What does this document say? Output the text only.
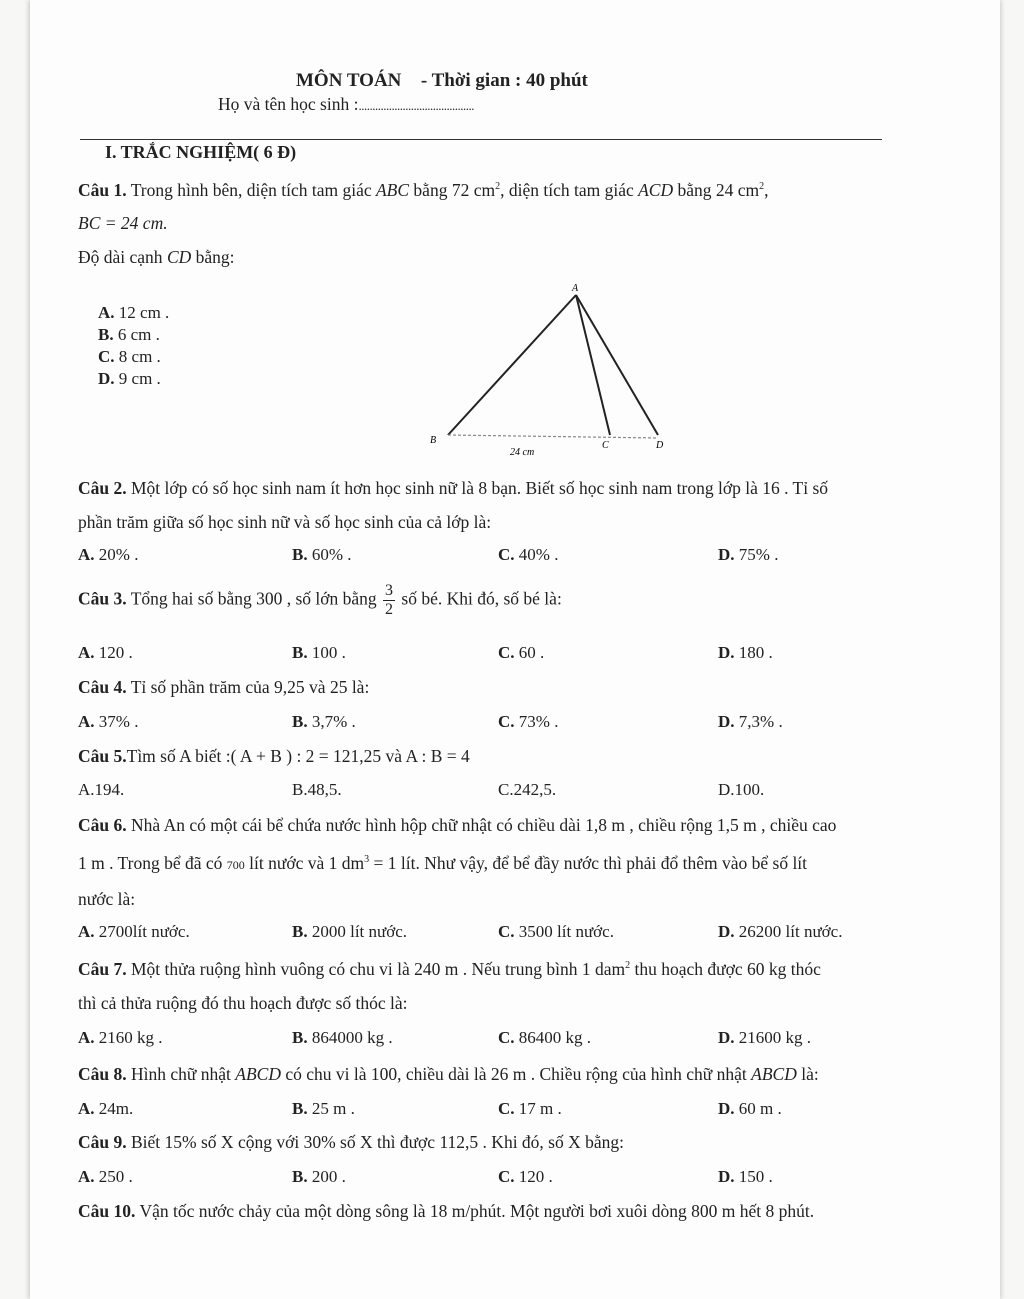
MÔN TOÁN - Thời gian : 40 phút
Họ và tên học sinh :..........................................
I. TRẮC NGHIỆM( 6 Đ)
Câu 1. Trong hình bên, diện tích tam giác ABC bằng 72 $cm^2$, diện tích tam giác ACD bằng 24 $cm^2$,
BC = 24 cm.
Độ dài cạnh CD bằng:
A. 12 cm .
B. 6 cm .
C. 8 cm .
D. 9 cm .
A
B	C	D
24 cm
Câu 2. Một lớp có số học sinh nam ít hơn học sinh nữ là 8 bạn. Biết số học sinh nam trong lớp là 16 . Tỉ số
phần trăm giữa số học sinh nữ và số học sinh của cả lớp là:
A. 20% .	B. 60% .	C. 40% .	D. 75% .
Câu 3. Tổng hai số bằng 300 , số lớn bằng $\frac{3}{2}$ số bé. Khi đó, số bé là:
A. 120 .	B. 100 .	C. 60 .	D. 180 .
Câu 4. Tỉ số phần trăm của 9,25 và 25 là:
A. 37% .	B. 3,7% .	C. 73% .	D. 7,3% .
Câu 5.Tìm số A biết :( A + B ) : 2 = 121,25 và A : B = 4
A.194.	B.48,5.	C.242,5.	D.100.
Câu 6. Nhà An có một cái bể chứa nước hình hộp chữ nhật có chiều dài 1,8 m , chiều rộng 1,5 m , chiều cao
1 m . Trong bể đã có 700 lít nước và 1 $dm^3 = 1$ lít. Như vậy, để bể đầy nước thì phải đổ thêm vào bể số lít
nước là:
A. 2700lít nước.	B. 2000 lít nước.	C. 3500 lít nước.	D. 26200 lít nước.
Câu 7. Một thửa ruộng hình vuông có chu vi là 240 m . Nếu trung bình 1 dam$^2$ thu hoạch được 60 kg thóc
thì cả thửa ruộng đó thu hoạch được số thóc là:
A. 2160 kg .	B. 864000 kg .	C. 86400 kg .	D. 21600 kg .
Câu 8. Hình chữ nhật ABCD có chu vi là 100, chiều dài là 26 m . Chiều rộng của hình chữ nhật ABCD là:
A. 24m.	B. 25 m .	C. 17 m .	D. 60 m .
Câu 9. Biết 15% số X cộng với 30% số X thì được 112,5 . Khi đó, số X bằng:
A. 250 .	B. 200 .	C. 120 .	D. 150 .
Câu 10. Vận tốc nước chảy của một dòng sông là 18 m/phút. Một người bơi xuôi dòng 800 m hết 8 phút.
